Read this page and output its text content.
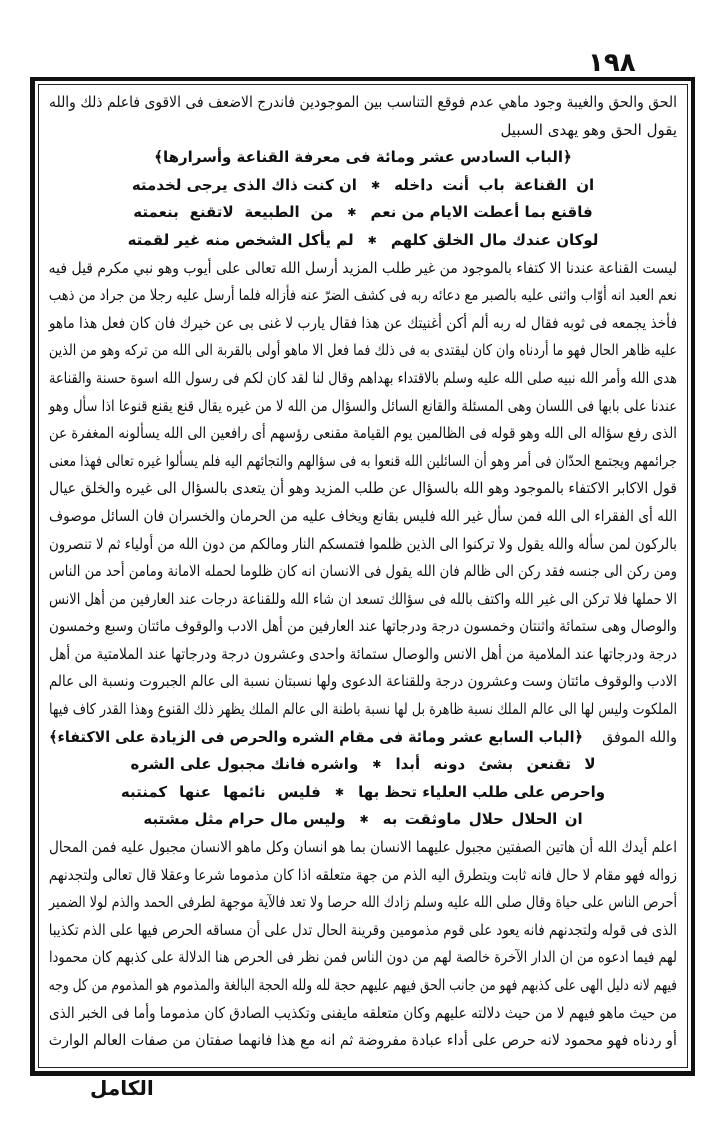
١٩٨
الحق والحق والغيبة وجود ماهي عدم فوقع التناسب بين الموجودين فاندرج الاضعف فى الاقوى فاعلم ذلك والله
يقول الحق وهو يهدى السبيل
﴿الباب السادس عشر ومائة فى معرفة القناعة وأسرارها﴾
ان القناعة باب أنت داخله
✱
ان كنت ذاك الذى يرجى لخدمته
فاقنع بما أعطت الايام من نعم
✱
من الطبيعة لاتقنع بنعمته
لوكان عندك مال الخلق كلهم
✱
لم يأكل الشخص منه غير لقمته
ليست القناعة عندنا الا كتفاء بالموجود من غير طلب المزيد أرسل الله تعالى على أيوب وهو نبي مكرم قيل فيه
نعم العبد انه أوّاب واثنى عليه بالصبر مع دعائه ربه فى كشف الضرّ عنه فأزاله فلما أرسل عليه رجلا من جراد من ذهب
فأخذ يجمعه فى ثوبه فقال له ربه ألم أكن أغنيتك عن هذا فقال يارب لا غنى بى عن خيرك فان كان فعل هذا ماهو
عليه ظاهر الحال فهو ما أردناه وان كان ليقتدى به فى ذلك فما فعل الا ماهو أولى بالقربة الى الله من تركه وهو من الذين
هدى الله وأمر الله نبيه صلى الله عليه وسلم بالاقتداء بهداهم وقال لنا لقد كان لكم فى رسول الله اسوة حسنة والقناعة
عندنا على بابها فى اللسان وهى المسئلة والقانع السائل والسؤال من الله لا من غيره يقال قنع يقنع قنوعا اذا سأل وهو
الذى رفع سؤاله الى الله وهو قوله فى الظالمين يوم القيامة مقنعى رؤسهم أى رافعين الى الله يسألونه المغفرة عن
جرائمهم ويجتمع الحدّان فى أمر وهو أن السائلين الله قنعوا به فى سؤالهم والتجائهم اليه فلم يسألوا غيره تعالى فهذا معنى
قول الاكابر الاكتفاء بالموجود وهو الله بالسؤال عن طلب المزيد وهو أن يتعدى بالسؤال الى غيره والخلق عيال
الله أى الفقراء الى الله فمن سأل غير الله فليس بقانع ويخاف عليه من الحرمان والخسران فان السائل موصوف
بالركون لمن سأله والله يقول ولا تركنوا الى الذين ظلموا فتمسكم النار ومالكم من دون الله من أولياء ثم لا تنصرون
ومن ركن الى جنسه فقد ركن الى ظالم فان الله يقول فى الانسان انه كان ظلوما لحمله الامانة ومامن أحد من الناس
الا حملها فلا تركن الى غير الله واكتف بالله فى سؤالك تسعد ان شاء الله وللقناعة درجات عند العارفين من أهل الانس
والوصال وهى ستمائة واثنتان وخمسون درجة ودرجاتها عند العارفين من أهل الادب والوقوف مائتان وسبع وخمسون
درجة ودرجاتها عند الملامية من أهل الانس والوصال ستمائة واحدى وعشرون درجة ودرجاتها عند الملامتية من أهل
الادب والوقوف مائتان وست وعشرون درجة وللقناعة الدعوى ولها نسبتان نسبة الى عالم الجبروت ونسبة الى عالم
الملكوت وليس لها الى عالم الملك نسبة ظاهرة بل لها نسبة باطنة الى عالم الملك يظهر ذلك القنوع وهذا القدر كاف فيها
والله الموفق
﴿الباب السابع عشر ومائة فى مقام الشره والحرص فى الزيادة على الاكتفاء﴾
لا تقنعن بشئ دونه أبدا
✱
واشره فانك مجبول على الشره
واحرص على طلب العلياء تحظ بها
✱
فليس نائمها عنها كمنتبه
ان الحلال حلال ماوثقت به
✱
وليس مال حرام مثل مشتبه
اعلم أيدك الله أن هاتين الصفتين مجبول عليهما الانسان بما هو انسان وكل ماهو الانسان مجبول عليه فمن المحال
زواله فهو مقام لا حال فانه ثابت ويتطرق اليه الذم من جهة متعلقه اذا كان مذموما شرعا وعقلا قال تعالى ولتجدنهم
أحرص الناس على حياة وقال صلى الله عليه وسلم زادك الله حرصا ولا تعد فالآية موجهة لطرفى الحمد والذم لولا الضمير
الذى فى قوله ولتجدنهم فانه يعود على قوم مذمومين وقرينة الحال تدل على أن مساقه الحرص فيها على الذم تكذيبا
لهم فيما ادعوه من ان الدار الآخرة خالصة لهم من دون الناس فمن نظر فى الحرص هنا الدلالة على كذبهم كان محمودا
فيهم لانه دليل الهى على كذبهم فهو من جانب الحق فيهم عليهم حجة لله ولله الحجة البالغة والمذموم هو المذموم من كل وجه
من حيث ماهو فيهم لا من حيث دلالته عليهم وكان متعلقه مايفنى وتكذيب الصادق كان مذموما وأما فى الخبر الذى
أو ردناه فهو محمود لانه حرص على أداء عبادة مفروضة ثم انه مع هذا فانهما صفتان من صفات العالم الوارث
الكامل
